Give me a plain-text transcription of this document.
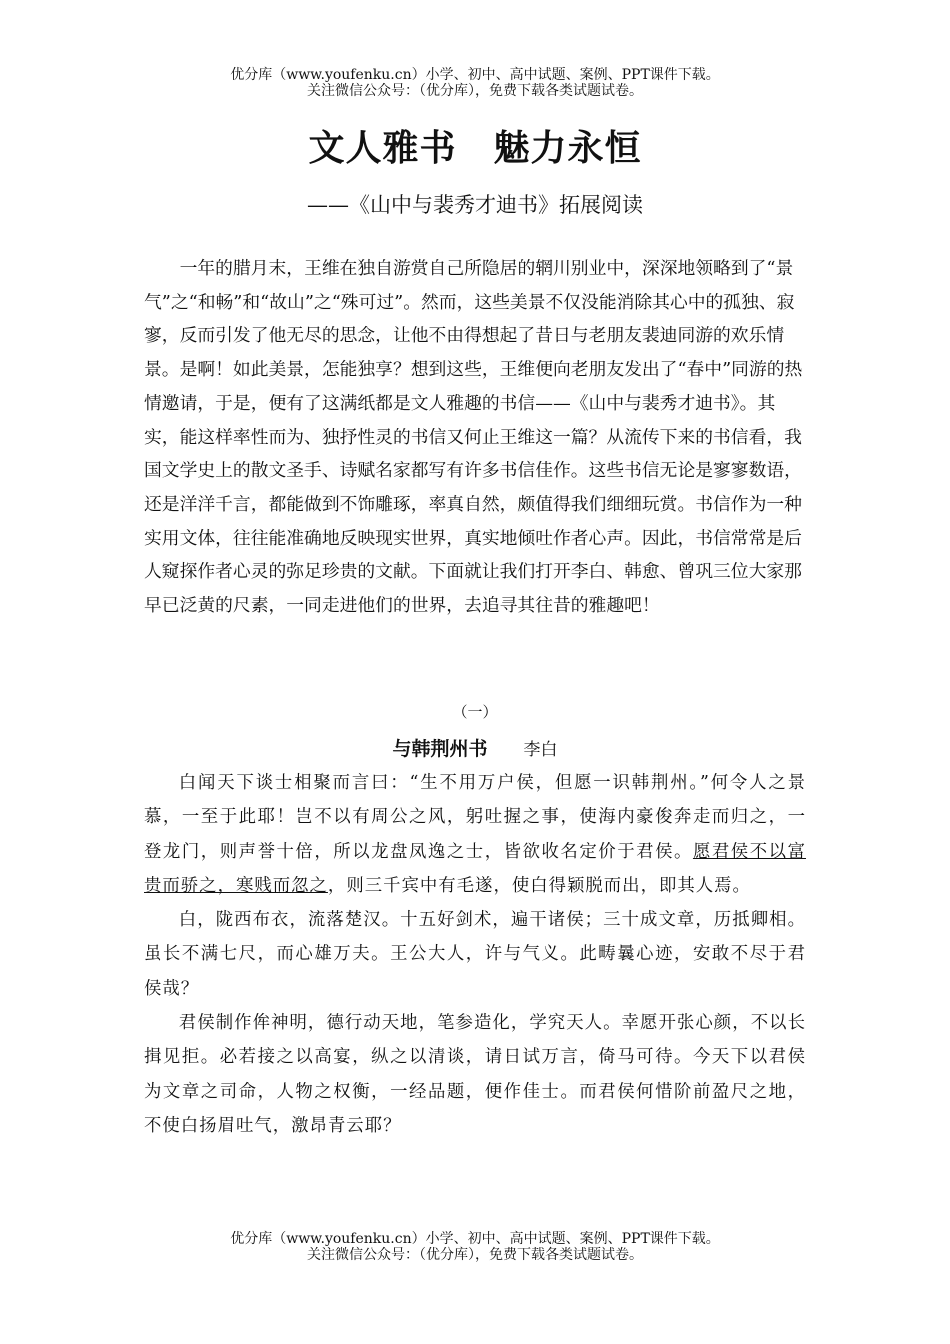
优分库（www.youfenku.cn）小学、初中、高中试题、案例、PPT课件下载。
关注微信公众号：（优分库），免费下载各类试题试卷。
文人雅书　魅力永恒
——《山中与裴秀才迪书》拓展阅读

一年的腊月末，王维在独自游赏自己所隐居的辋川别业中，深深地领略到了“景气”之“和畅”和“故山”之“殊可过”。然而，这些美景不仅没能消除其心中的孤独、寂寥，反而引发了他无尽的思念，让他不由得想起了昔日与老朋友裴迪同游的欢乐情景。是啊！如此美景，怎能独享？想到这些，王维便向老朋友发出了“春中”同游的热情邀请，于是，便有了这满纸都是文人雅趣的书信——《山中与裴秀才迪书》。其实，能这样率性而为、独抒性灵的书信又何止王维这一篇？从流传下来的书信看，我国文学史上的散文圣手、诗赋名家都写有许多书信佳作。这些书信无论是寥寥数语，还是洋洋千言，都能做到不饰雕琢，率真自然，颇值得我们细细玩赏。书信作为一种实用文体，往往能准确地反映现实世界，真实地倾吐作者心声。因此，书信常常是后人窥探作者心灵的弥足珍贵的文献。下面就让我们打开李白、韩愈、曾巩三位大家那早已泛黄的尺素，一同走进他们的世界，去追寻其往昔的雅趣吧！

（一）
与韩荆州书 李白

白闻天下谈士相聚而言曰：“生不用万户侯，但愿一识韩荆州。”何令人之景慕，一至于此耶！岂不以有周公之风，躬吐握之事，使海内豪俊奔走而归之，一登龙门，则声誉十倍，所以龙盘凤逸之士，皆欲收名定价于君侯。愿君侯不以富贵而骄之，寒贱而忽之，则三千宾中有毛遂，使白得颖脱而出，即其人焉。

白，陇西布衣，流落楚汉。十五好剑术，遍干诸侯；三十成文章，历抵卿相。虽长不满七尺，而心雄万夫。王公大人，许与气义。此畴曩心迹，安敢不尽于君侯哉？

君侯制作侔神明，德行动天地，笔参造化，学究天人。幸愿开张心颜，不以长揖见拒。必若接之以高宴，纵之以清谈，请日试万言，倚马可待。今天下以君侯为文章之司命，人物之权衡，一经品题，便作佳士。而君侯何惜阶前盈尺之地，不使白扬眉吐气，激昂青云耶？

优分库（www.youfenku.cn）小学、初中、高中试题、案例、PPT课件下载。
关注微信公众号：（优分库），免费下载各类试题试卷。
